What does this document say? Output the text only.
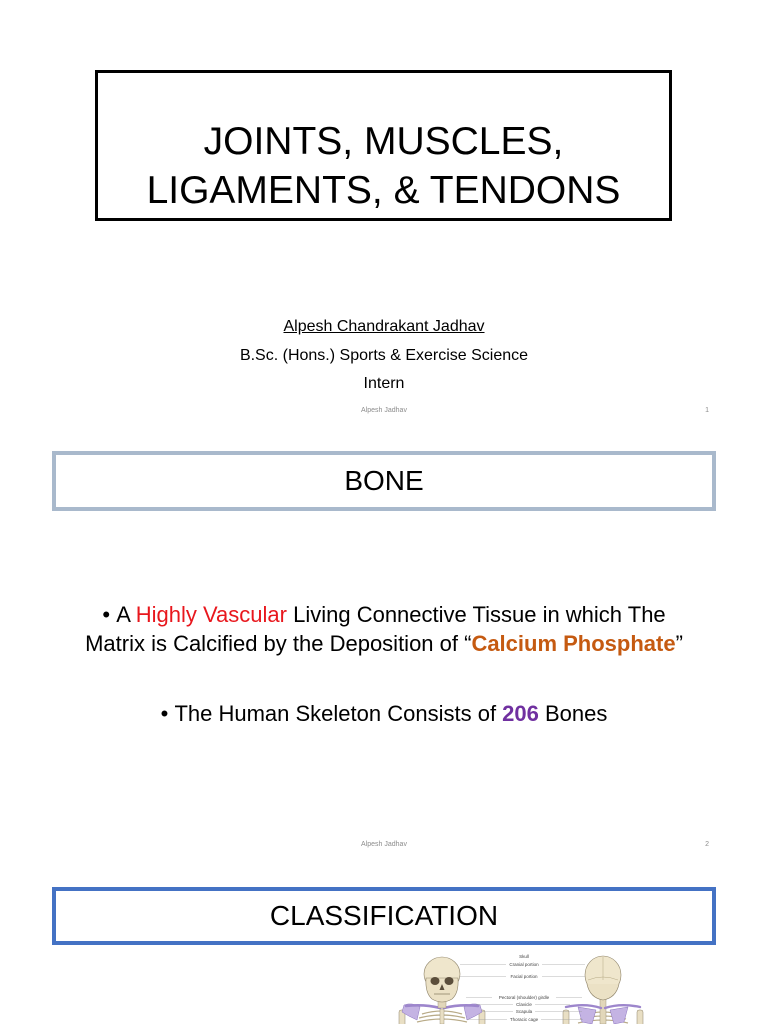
JOINTS, MUSCLES,
LIGAMENTS, & TENDONS
Alpesh Chandrakant Jadhav
B.Sc. (Hons.) Sports & Exercise Science
Intern
Alpesh Jadhav	1
BONE
• A Highly Vascular Living Connective Tissue in which The
Matrix is Calcified by the Deposition of “Calcium Phosphate”
• The Human Skeleton Consists of 206 Bones
Alpesh Jadhav	2
CLASSIFICATION
Skull
Cranial portion
Facial portion
Pectoral (shoulder) girdle
Clavicle
Scapula
Thoracic cage
